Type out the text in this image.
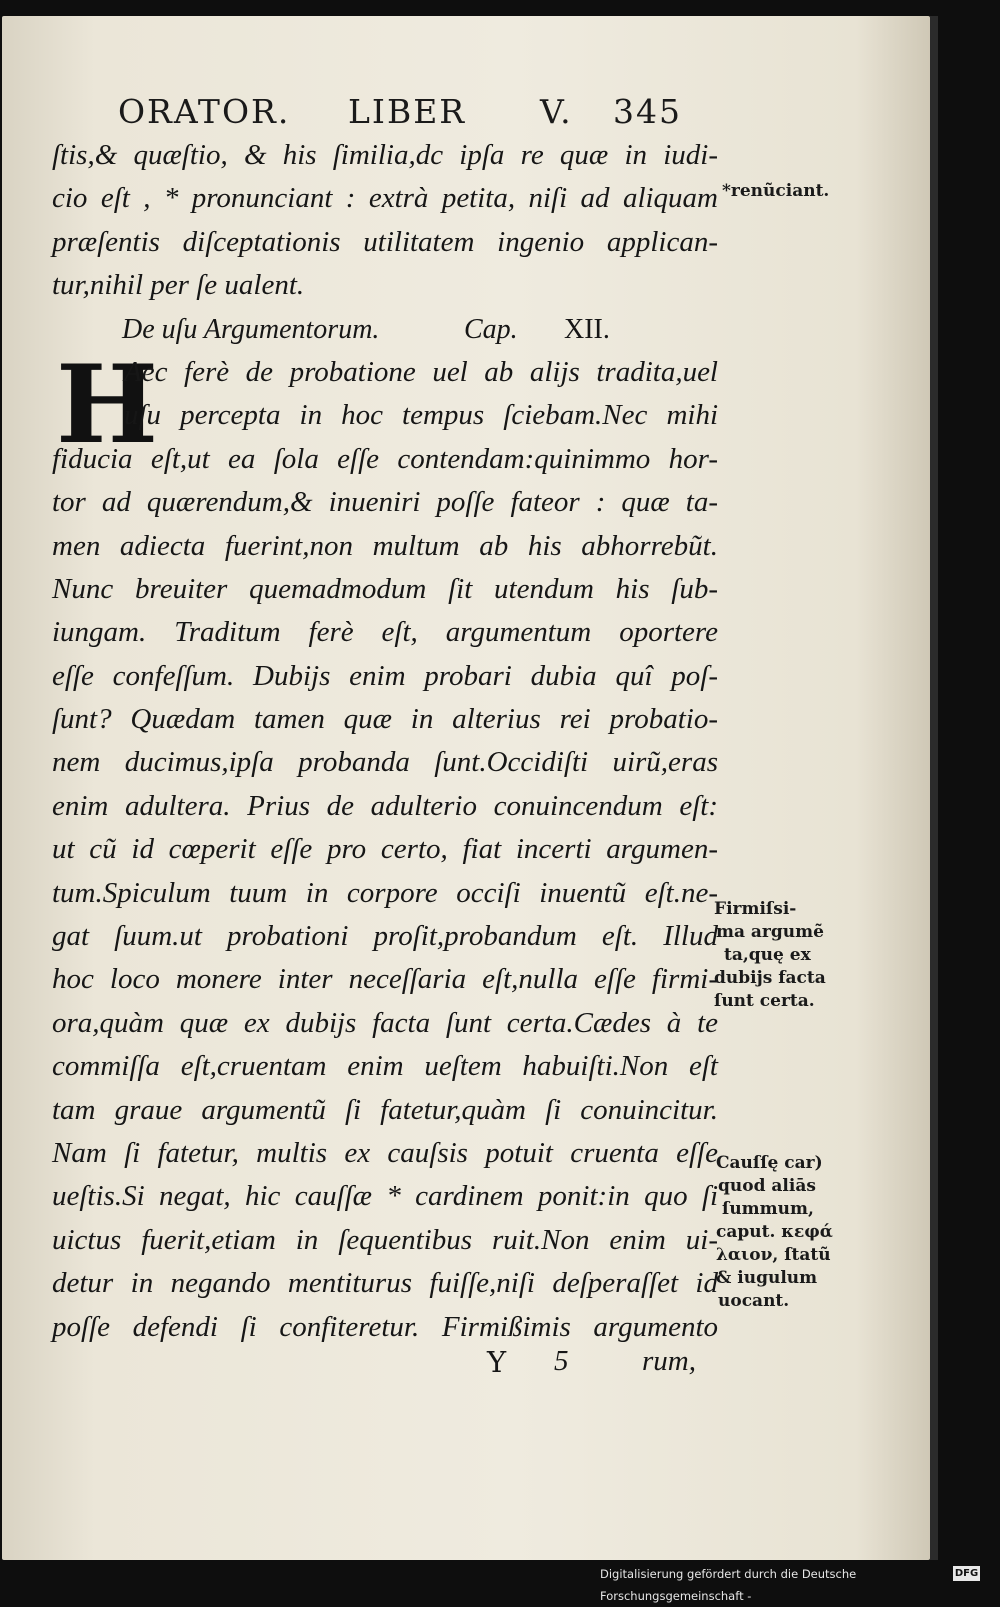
ORATOR. LIBER V. 345
H
ſtis,& quæſtio, & his ſimilia,dc ipſa re quæ in iudi-
cio eſt , * pronunciant : extrà petita, niſi ad aliquam
præſentis diſceptationis utilitatem ingenio applican-
tur,nihil per ſe ualent.
De uſu Argumentorum.	Cap. XII.
Aec ferè de probatione uel ab alijs tradita,uel
uſu percepta in hoc tempus ſciebam.Nec mihi
fiducia eſt,ut ea ſola eſſe contendam:quinimmo hor-
tor ad quærendum,& inueniri poſſe fateor : quæ ta-
men adiecta fuerint,non multum ab his abhorrebũt.
Nunc breuiter quemadmodum ſit utendum his ſub-
iungam. Traditum ferè eſt, argumentum oportere
eſſe confeſſum. Dubijs enim probari dubia quî poſ-
ſunt? Quædam tamen quæ in alterius rei probatio-
nem ducimus,ipſa probanda ſunt.Occidiſti uirũ,eras
enim adultera. Prius de adulterio conuincendum eſt:
ut cũ id cœperit eſſe pro certo, fiat incerti argumen-
tum.Spiculum tuum in corpore occiſi inuentũ eſt.ne-
gat ſuum.ut probationi proſit,probandum eſt. Illud
hoc loco monere inter neceſſaria eſt,nulla eſſe firmi-
ora,quàm quæ ex dubijs facta ſunt certa.Cædes à te
commiſſa eſt,cruentam enim ueſtem habuiſti.Non eſt
tam graue argumentũ ſi fatetur,quàm ſi conuincitur.
Nam ſi fatetur, multis ex cauſsis potuit cruenta eſſe
ueſtis.Si negat, hic cauſſæ * cardinem ponit:in quo ſi
uictus fuerit,etiam in ſequentibus ruit.Non enim ui-
detur in negando mentiturus fuiſſe,niſi deſperaſſet id
poſſe defendi ſi confiteretur. Firmißimis argumento
Y 5	rum,
*renũciant.
Firmiſsi-
ma argumẽ
ta,quę ex
dubijs facta
ſunt certa.
Cauſſę car)
quod aliās
ſummum,
caput. κεφά
λαιον, ſtatũ
& iugulum
uocant.
Digitalisierung gefördert durch die Deutsche Forschungsgemeinschaft -
DFG
